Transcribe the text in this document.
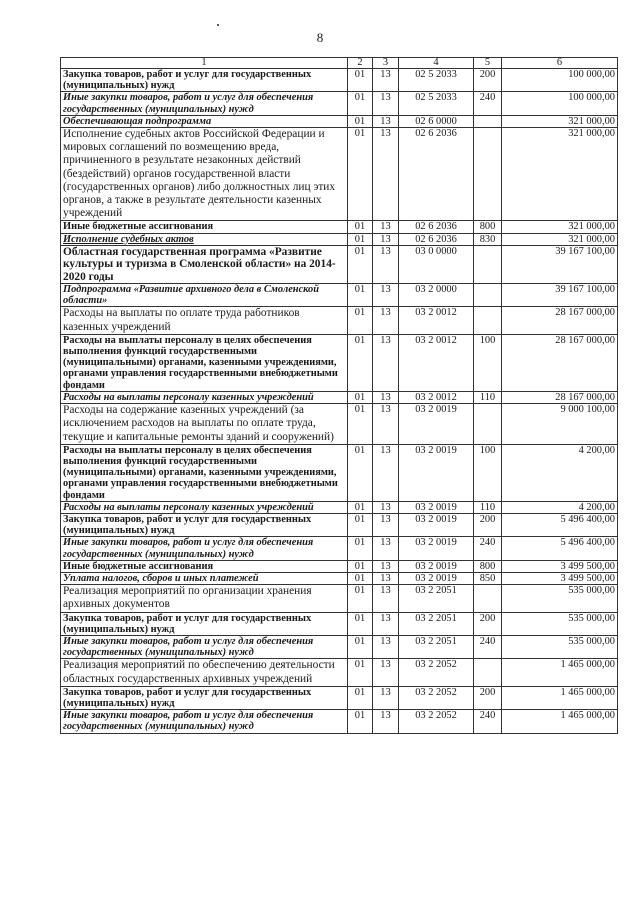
8
1	2	3	4	5	6
Закупка товаров, работ и услуг для государственных (муниципальных) нужд	01	13	02 5 2033	200	100 000,00
Иные закупки товаров, работ и услуг для обеспечения государственных (муниципальных) нужд	01	13	02 5 2033	240	100 000,00
Обеспечивающая подпрограмма	01	13	02 6 0000		321 000,00
Исполнение судебных актов Российской Федерации и мировых соглашений по возмещению вреда, причиненного в результате незаконных действий (бездействий) органов государственной власти (государственных органов) либо должностных лиц этих органов, а также в результате деятельности казенных учреждений	01	13	02 6 2036		321 000,00
Иные бюджетные ассигнования	01	13	02 6 2036	800	321 000,00
Исполнение судебных актов	01	13	02 6 2036	830	321 000,00
Областная государственная программа «Развитие культуры и туризма в Смоленской области» на 2014-2020 годы	01	13	03 0 0000		39 167 100,00
Подпрограмма «Развитие архивного дела в Смоленской области»	01	13	03 2 0000		39 167 100,00
Расходы на выплаты по оплате труда работников казенных учреждений	01	13	03 2 0012		28 167 000,00
Расходы на выплаты персоналу в целях обеспечения выполнения функций государственными (муниципальными) органами, казенными учреждениями, органами управления государственными внебюджетными фондами	01	13	03 2 0012	100	28 167 000,00
Расходы на выплаты персоналу казенных учреждений	01	13	03 2 0012	110	28 167 000,00
Расходы на содержание казенных учреждений (за исключением расходов на выплаты по оплате труда, текущие и капитальные ремонты зданий и сооружений)	01	13	03 2 0019		9 000 100,00
Расходы на выплаты персоналу в целях обеспечения выполнения функций государственными (муниципальными) органами, казенными учреждениями, органами управления государственными внебюджетными фондами	01	13	03 2 0019	100	4 200,00
Расходы на выплаты персоналу казенных учреждений	01	13	03 2 0019	110	4 200,00
Закупка товаров, работ и услуг для государственных (муниципальных) нужд	01	13	03 2 0019	200	5 496 400,00
Иные закупки товаров, работ и услуг для обеспечения государственных (муниципальных) нужд	01	13	03 2 0019	240	5 496 400,00
Иные бюджетные ассигнования	01	13	03 2 0019	800	3 499 500,00
Уплата налогов, сборов и иных платежей	01	13	03 2 0019	850	3 499 500,00
Реализация мероприятий по организации хранения архивных документов	01	13	03 2 2051		535 000,00
Закупка товаров, работ и услуг для государственных (муниципальных) нужд	01	13	03 2 2051	200	535 000,00
Иные закупки товаров, работ и услуг для обеспечения государственных (муниципальных) нужд	01	13	03 2 2051	240	535 000,00
Реализация мероприятий по обеспечению деятельности областных государственных архивных учреждений	01	13	03 2 2052		1 465 000,00
Закупка товаров, работ и услуг для государственных (муниципальных) нужд	01	13	03 2 2052	200	1 465 000,00
Иные закупки товаров, работ и услуг для обеспечения государственных (муниципальных) нужд	01	13	03 2 2052	240	1 465 000,00
